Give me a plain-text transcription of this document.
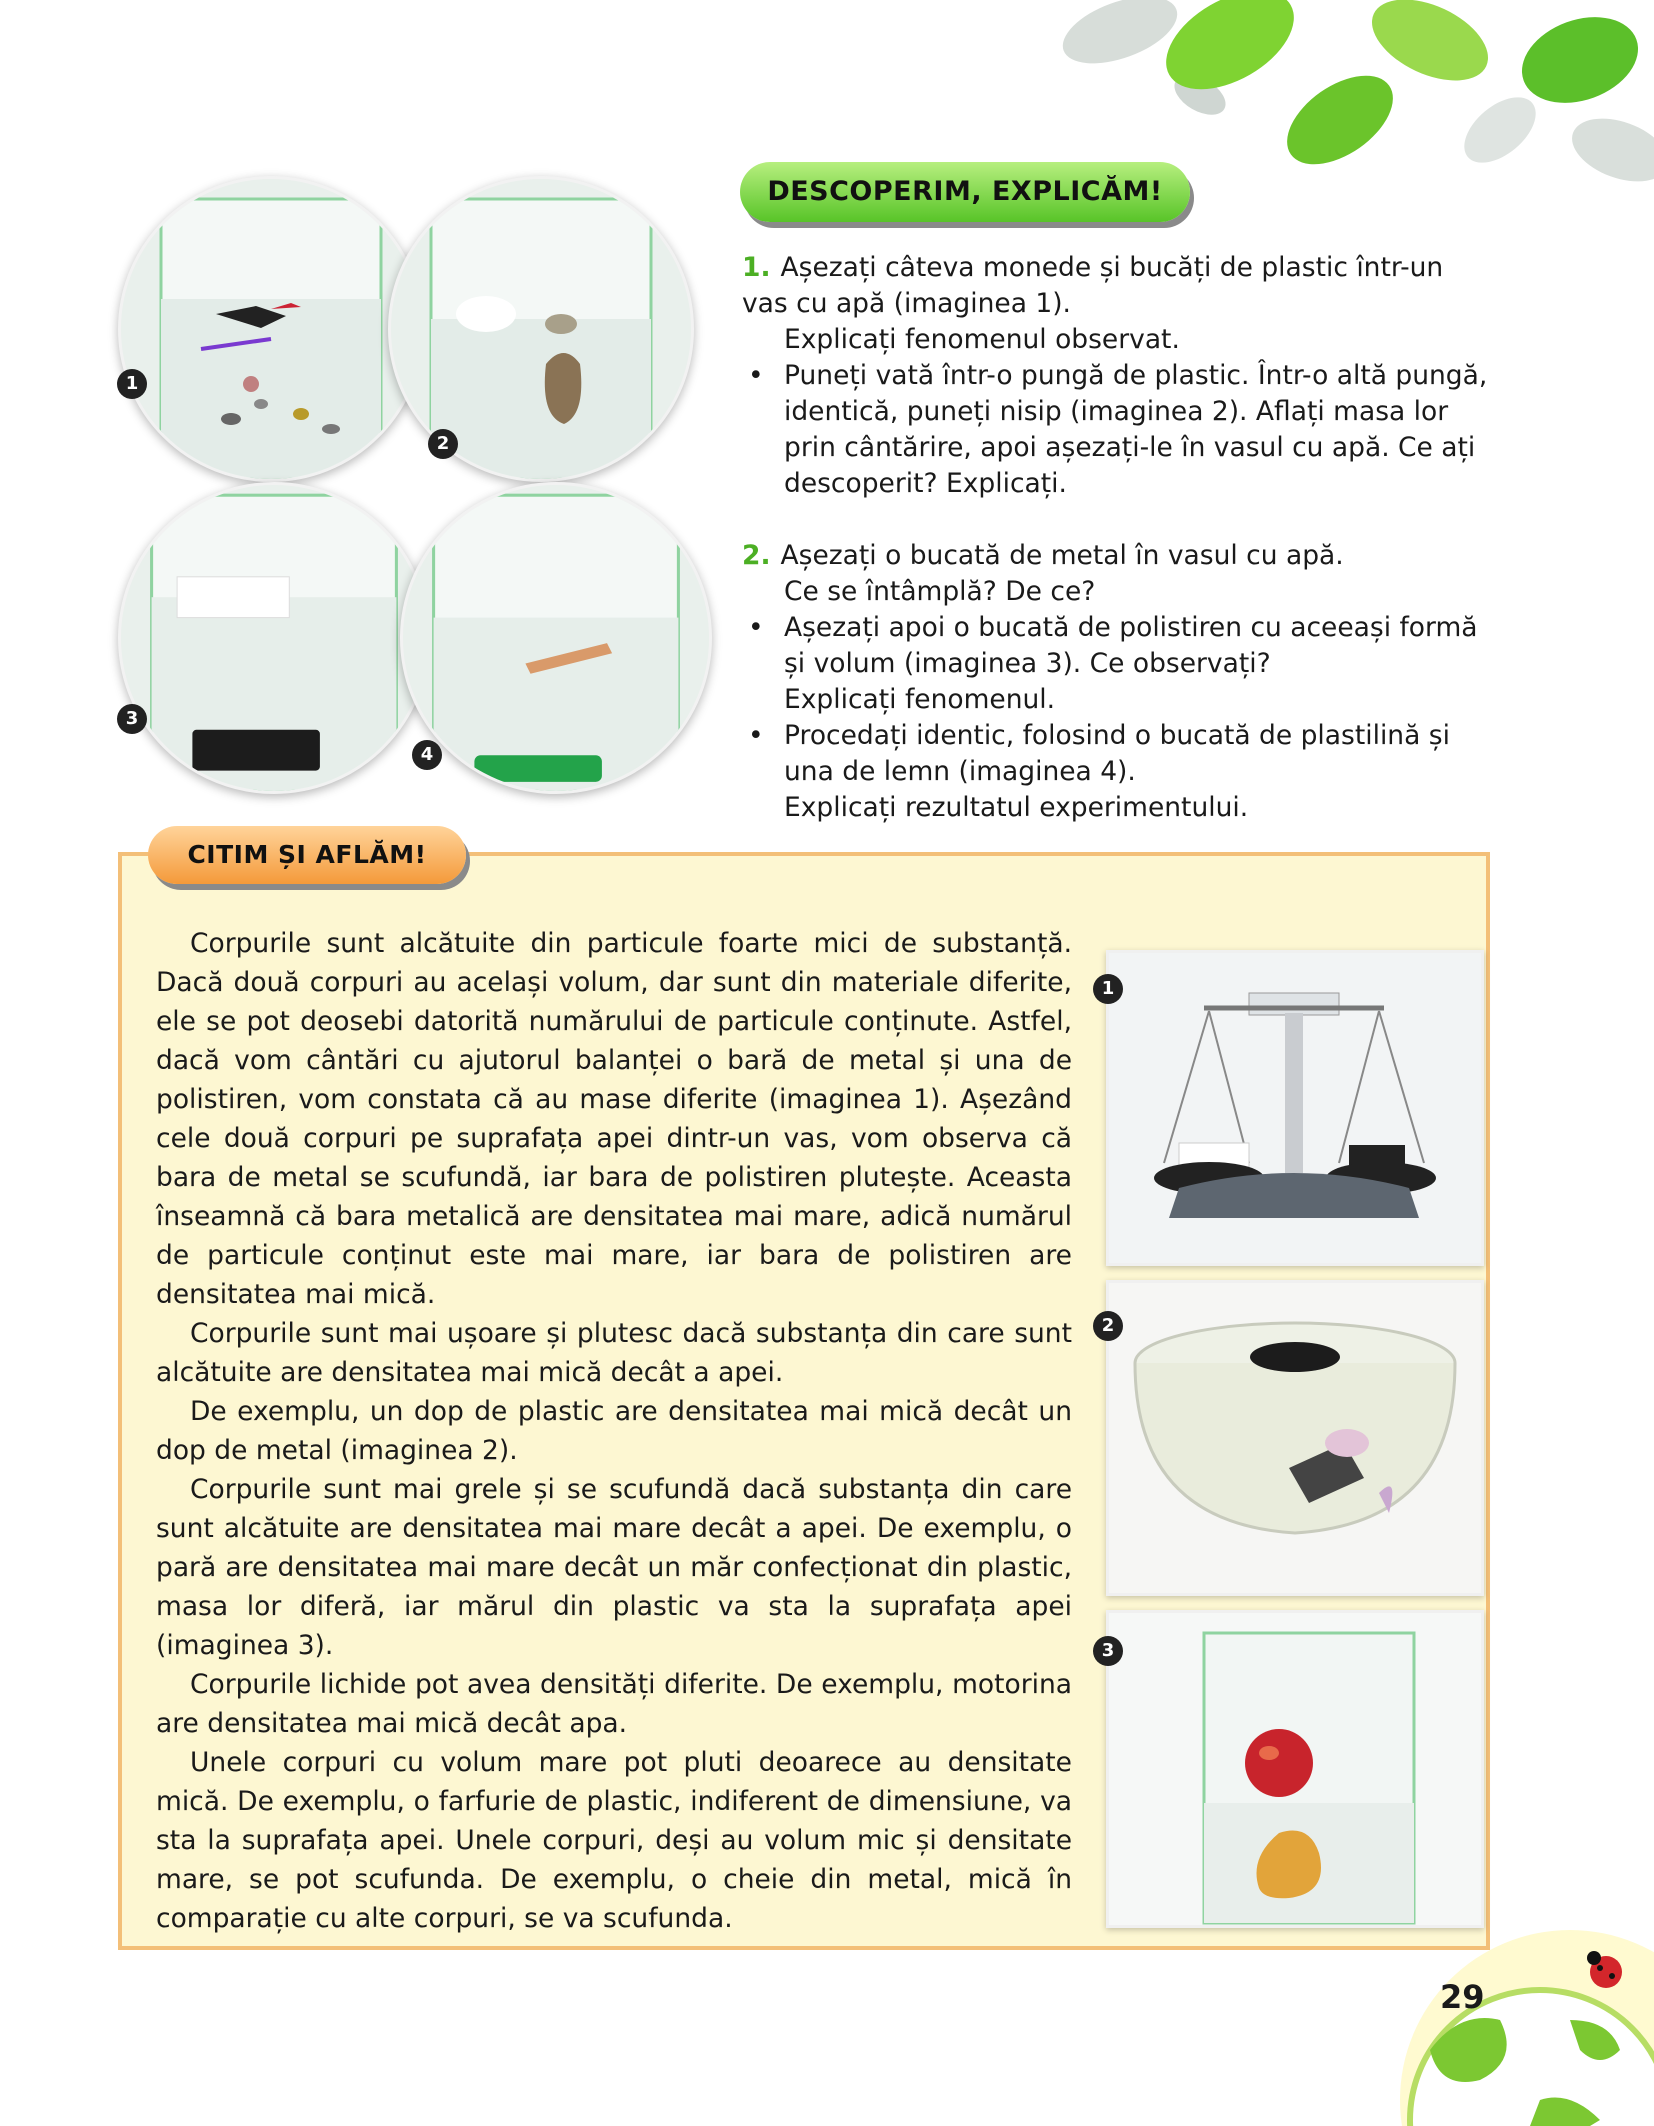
1
2
3
4
DESCOPERIM, EXPLICĂM!
1. Așezați câteva monede și bucăți de plastic într-un
vas cu apă (imaginea 1).
Explicați fenomenul observat.
• Puneți vată într-o pungă de plastic. Într-o altă pungă,
identică, puneți nisip (imaginea 2). Aflați masa lor
prin cântărire, apoi așezați-le în vasul cu apă. Ce ați
descoperit? Explicați.
2. Așezați o bucată de metal în vasul cu apă.
Ce se întâmplă? De ce?
• Așezați apoi o bucată de polistiren cu aceeași formă
și volum (imaginea 3). Ce observați?
Explicați fenomenul.
• Procedați identic, folosind o bucată de plastilină și
una de lemn (imaginea 4).
Explicați rezultatul experimentului.
CITIM ȘI AFLĂM!

Corpurile sunt alcătuite din particule foarte mici de substanță. Dacă două corpuri au același volum, dar sunt din materiale diferite, ele se pot deosebi datorită numărului de particule conținute. Astfel, dacă vom cântări cu ajutorul balanței o bară de metal și una de polistiren, vom constata că au mase diferite (imaginea 1). Așezând cele două corpuri pe suprafața apei dintr-un vas, vom observa că bara de metal se scufundă, iar bara de polistiren plutește. Aceasta înseamnă că bara metalică are densitatea mai mare, adică numărul de particule conținut este mai mare, iar bara de polistiren are densitatea mai mică.

Corpurile sunt mai ușoare și plutesc dacă substanța din care sunt alcătuite are densitatea mai mică decât a apei.

De exemplu, un dop de plastic are densitatea mai mică decât un dop de metal (imaginea 2).

Corpurile sunt mai grele și se scufundă dacă substanța din care sunt alcătuite are densitatea mai mare decât a apei. De exemplu, o pară are densitatea mai mare decât un măr confecționat din plastic, masa lor diferă, iar mărul din plastic va sta la suprafața apei (imaginea 3).

Corpurile lichide pot avea densități diferite. De exemplu, motorina are densitatea mai mică decât apa.

Unele corpuri cu volum mare pot pluti deoarece au densitate mică. De exemplu, o farfurie de plastic, indiferent de dimensiune, va sta la suprafața apei. Unele corpuri, deși au volum mic și densitate mare, se pot scufunda. De exemplu, o cheie din metal, mică în comparație cu alte corpuri, se va scufunda.

1
2
3
29
